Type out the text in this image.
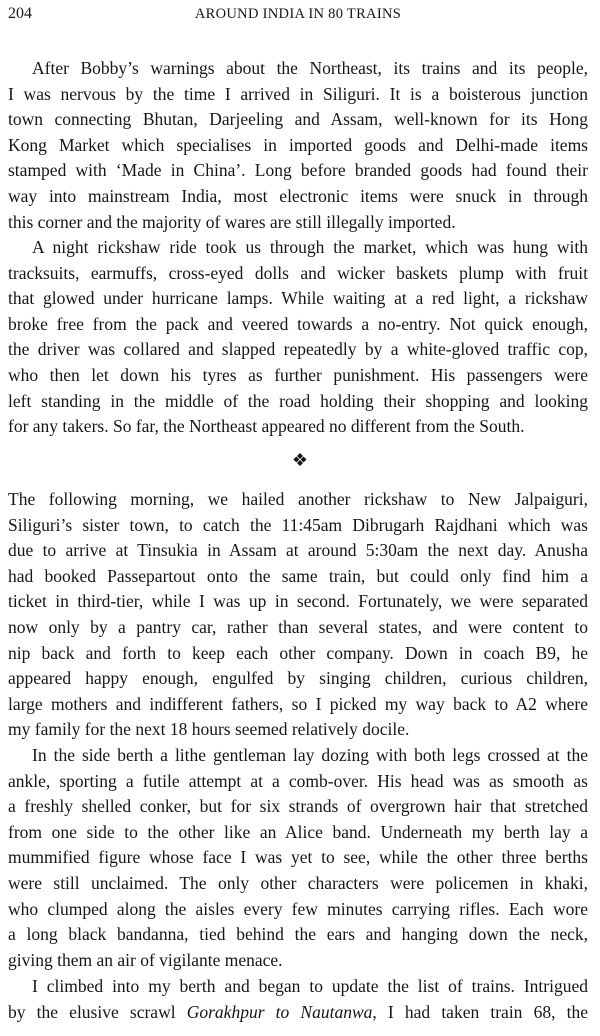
204	AROUND INDIA IN 80 TRAINS

After Bobby’s warnings about the Northeast, its trains and its people,
I was nervous by the time I arrived in Siliguri. It is a boisterous junction
town connecting Bhutan, Darjeeling and Assam, well-known for its Hong
Kong Market which specialises in imported goods and Delhi-made items
stamped with ‘Made in China’. Long before branded goods had found their
way into mainstream India, most electronic items were snuck in through
this corner and the majority of wares are still illegally imported.

A night rickshaw ride took us through the market, which was hung with
tracksuits, earmuffs, cross-eyed dolls and wicker baskets plump with fruit
that glowed under hurricane lamps. While waiting at a red light, a rickshaw
broke free from the pack and veered towards a no-entry. Not quick enough,
the driver was collared and slapped repeatedly by a white-gloved traffic cop,
who then let down his tyres as further punishment. His passengers were
left standing in the middle of the road holding their shopping and looking
for any takers. So far, the Northeast appeared no different from the South.

❖

The following morning, we hailed another rickshaw to New Jalpaiguri,
Siliguri’s sister town, to catch the 11:45am Dibrugarh Rajdhani which was
due to arrive at Tinsukia in Assam at around 5:30am the next day. Anusha
had booked Passepartout onto the same train, but could only find him a
ticket in third-tier, while I was up in second. Fortunately, we were separated
now only by a pantry car, rather than several states, and were content to
nip back and forth to keep each other company. Down in coach B9, he
appeared happy enough, engulfed by singing children, curious children,
large mothers and indifferent fathers, so I picked my way back to A2 where
my family for the next 18 hours seemed relatively docile.

In the side berth a lithe gentleman lay dozing with both legs crossed at the
ankle, sporting a futile attempt at a comb-over. His head was as smooth as
a freshly shelled conker, but for six strands of overgrown hair that stretched
from one side to the other like an Alice band. Underneath my berth lay a
mummified figure whose face I was yet to see, while the other three berths
were still unclaimed. The only other characters were policemen in khaki,
who clumped along the aisles every few minutes carrying rifles. Each wore
a long black bandanna, tied behind the ears and hanging down the neck,
giving them an air of vigilante menace.

I climbed into my berth and began to update the list of trains. Intrigued
by the elusive scrawl Gorakhpur to Nautanwa, I had taken train 68, the
